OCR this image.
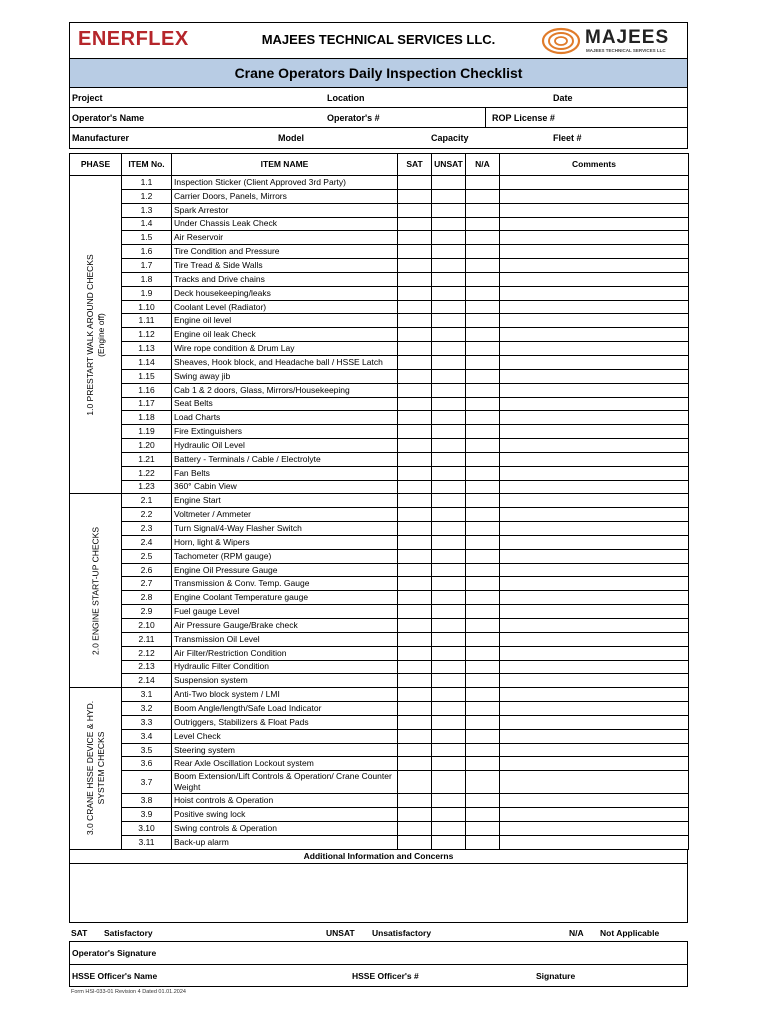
ENERFLEX	MAJEES TECHNICAL SERVICES LLC.	MAJEES
MAJEES TECHNICAL SERVICES LLC
Crane Operators Daily Inspection Checklist
Project	Location	Date
Operator's Name	Operator's #	ROP License #
Manufacturer	Model	Capacity	Fleet #
PHASE	ITEM No.	ITEM NAME	SAT	UNSAT	N/A	Comments

1.0 PRESTART WALK AROUND CHECKS (Engine off)	1.1	Inspection Sticker (Client Approved 3rd Party)				
	1.2	Carrier Doors, Panels, Mirrors				
	1.3	Spark Arrestor				
	1.4	Under Chassis Leak Check				
	1.5	Air Reservoir				
	1.6	Tire Condition and Pressure				
	1.7	Tire Tread & Side Walls				
	1.8	Tracks and Drive chains				
	1.9	Deck housekeeping/leaks				
	1.10	Coolant Level (Radiator)				
	1.11	Engine oil level				
	1.12	Engine oil leak Check				
	1.13	Wire rope condition & Drum Lay				
	1.14	Sheaves, Hook block, and Headache ball / HSSE Latch				
	1.15	Swing away jib				
	1.16	Cab 1 & 2 doors, Glass, Mirrors/Housekeeping				
	1.17	Seat Belts				
	1.18	Load Charts				
	1.19	Fire Extinguishers				
	1.20	Hydraulic Oil Level				
	1.21	Battery - Terminals / Cable / Electrolyte				
	1.22	Fan Belts				
	1.23	360° Cabin View				

2.0 ENGINE START-UP CHECKS	2.1	Engine Start				
	2.2	Voltmeter / Ammeter				
	2.3	Turn Signal/4-Way Flasher Switch				
	2.4	Horn, light & Wipers				
	2.5	Tachometer (RPM gauge)				
	2.6	Engine Oil Pressure Gauge				
	2.7	Transmission & Conv. Temp. Gauge				
	2.8	Engine Coolant Temperature gauge				
	2.9	Fuel gauge Level				
	2.10	Air Pressure Gauge/Brake check				
	2.11	Transmission Oil Level				
	2.12	Air Filter/Restriction Condition				
	2.13	Hydraulic Filter Condition				
	2.14	Suspension system				

3.0 CRANE HSSE DEVICE & HYD. SYSTEM CHECKS	3.1	Anti-Two block system / LMI				
	3.2	Boom Angle/length/Safe Load Indicator				
	3.3	Outriggers, Stabilizers & Float Pads				
	3.4	Level Check				
	3.5	Steering system				
	3.6	Rear Axle Oscillation Lockout system				
	3.7	Boom Extension/Lift Controls & Operation/ Crane Counter Weight				
	3.8	Hoist controls & Operation				
	3.9	Positive swing lock				
	3.10	Swing controls & Operation				
	3.11	Back-up alarm				
Additional Information and Concerns
SAT Satisfactory	UNSAT Unsatisfactory	N/A Not Applicable
Operator's Signature
HSSE Officer's Name	HSSE Officer's #	Signature
Form HSI-033-01 Revision 4 Dated 01.01.2024
